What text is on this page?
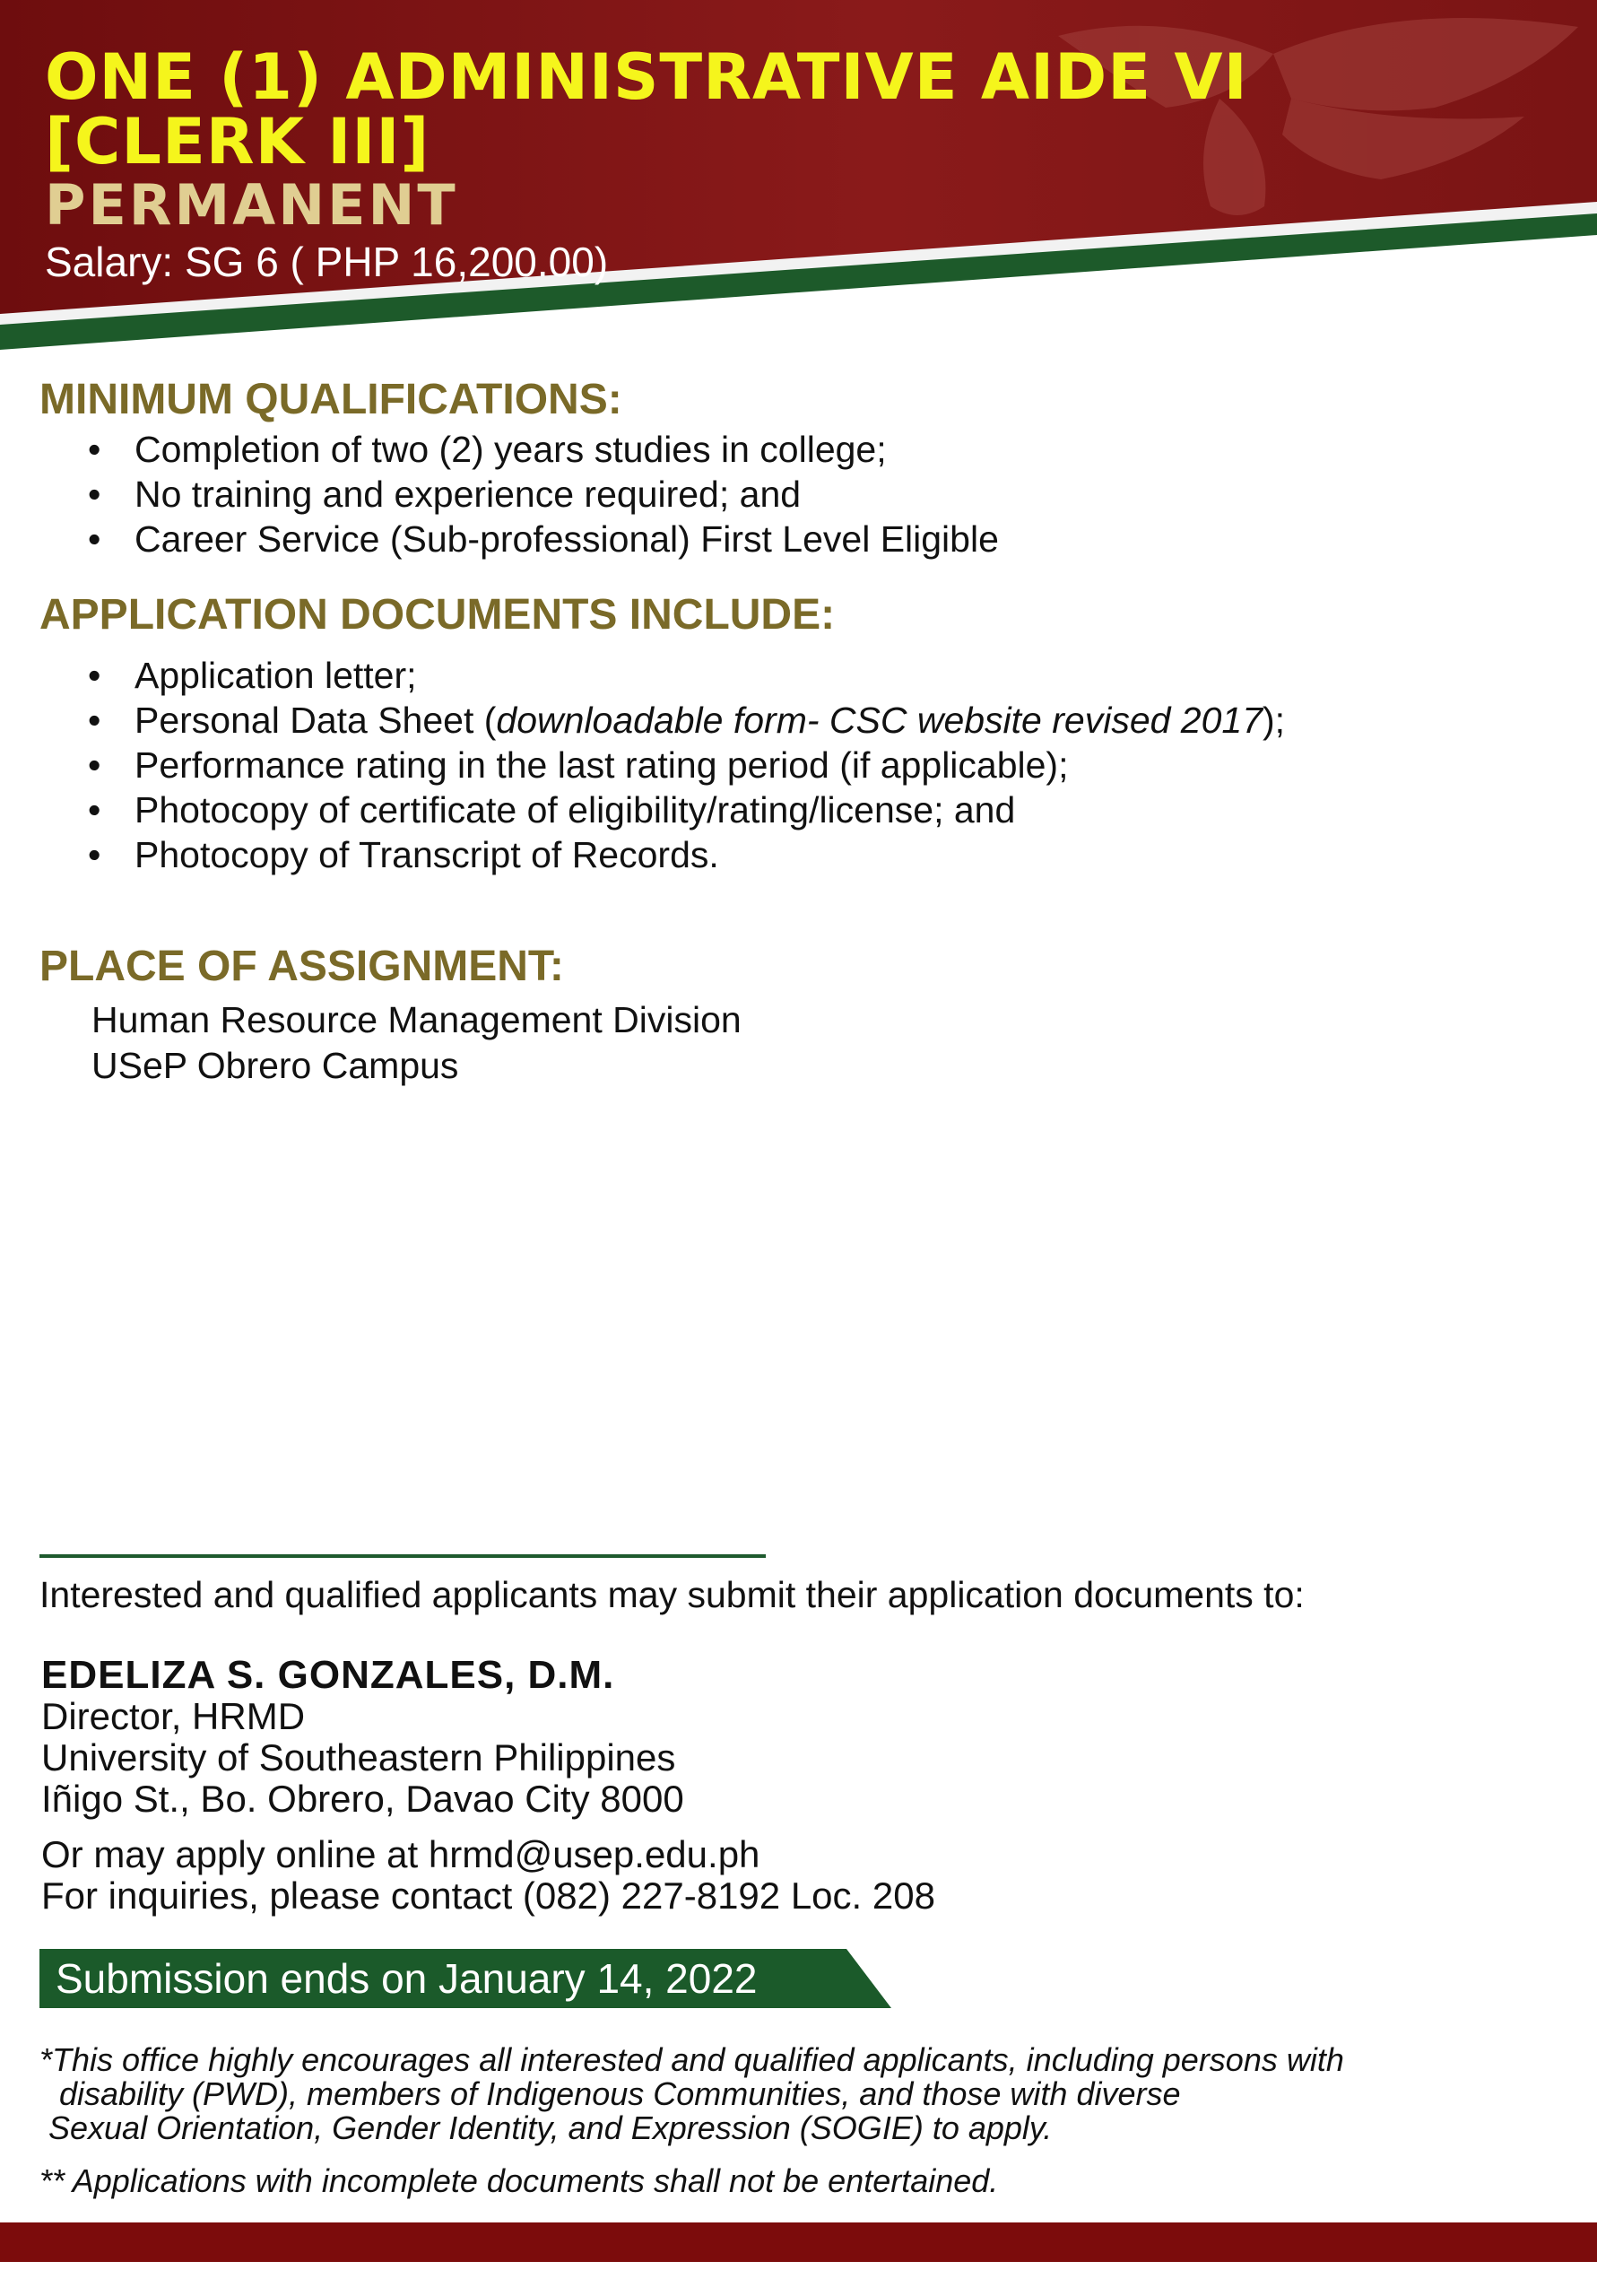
ONE (1) ADMINISTRATIVE AIDE VI
[CLERK III]
PERMANENT
Salary: SG 6 ( PHP 16,200.00)
MINIMUM QUALIFICATIONS:
• Completion of two (2) years studies in college;
• No training and experience required; and
• Career Service (Sub-professional) First Level Eligible
APPLICATION DOCUMENTS INCLUDE:
• Application letter;
• Personal Data Sheet (downloadable form- CSC website revised 2017);
• Performance rating in the last rating period (if applicable);
• Photocopy of certificate of eligibility/rating/license; and
• Photocopy of Transcript of Records.
PLACE OF ASSIGNMENT:
Human Resource Management Division
USeP Obrero Campus
Interested and qualified applicants may submit their application documents to:
EDELIZA S. GONZALES, D.M.
Director, HRMD
University of Southeastern Philippines
Iñigo St., Bo. Obrero, Davao City 8000
Or may apply online at hrmd@usep.edu.ph
For inquiries, please contact (082) 227-8192 Loc. 208
Submission ends on January 14, 2022
*This office highly encourages all interested and qualified applicants, including persons with
disability (PWD), members of Indigenous Communities, and those with diverse
Sexual Orientation, Gender Identity, and Expression (SOGIE) to apply.
** Applications with incomplete documents shall not be entertained.
